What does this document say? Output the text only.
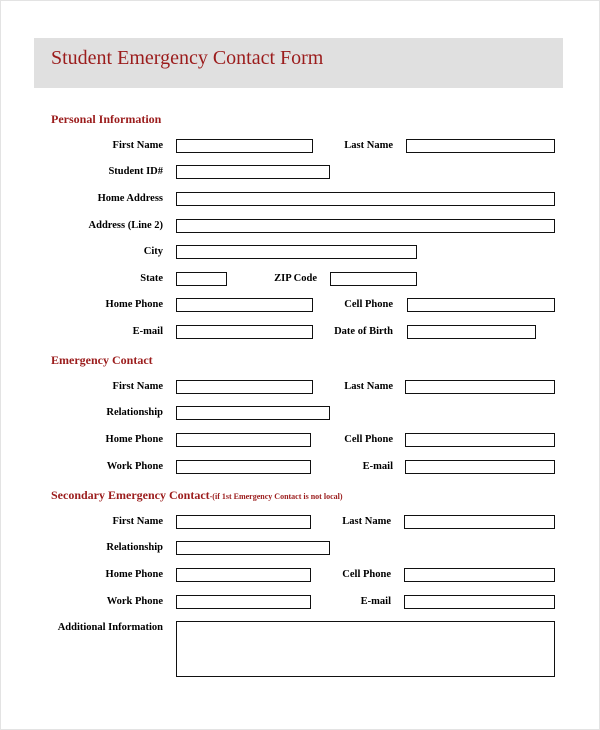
Student Emergency Contact Form
Personal Information
First Name	Last Name
Student ID#
Home Address
Address (Line 2)
City
State	ZIP Code
Home Phone	Cell Phone
E-mail	Date of Birth
Emergency Contact
First Name	Last Name
Relationship
Home Phone	Cell Phone
Work Phone	E-mail
Secondary Emergency Contact-(if 1st Emergency Contact is not local)
First Name	Last Name
Relationship
Home Phone	Cell Phone
Work Phone	E-mail
Additional Information
